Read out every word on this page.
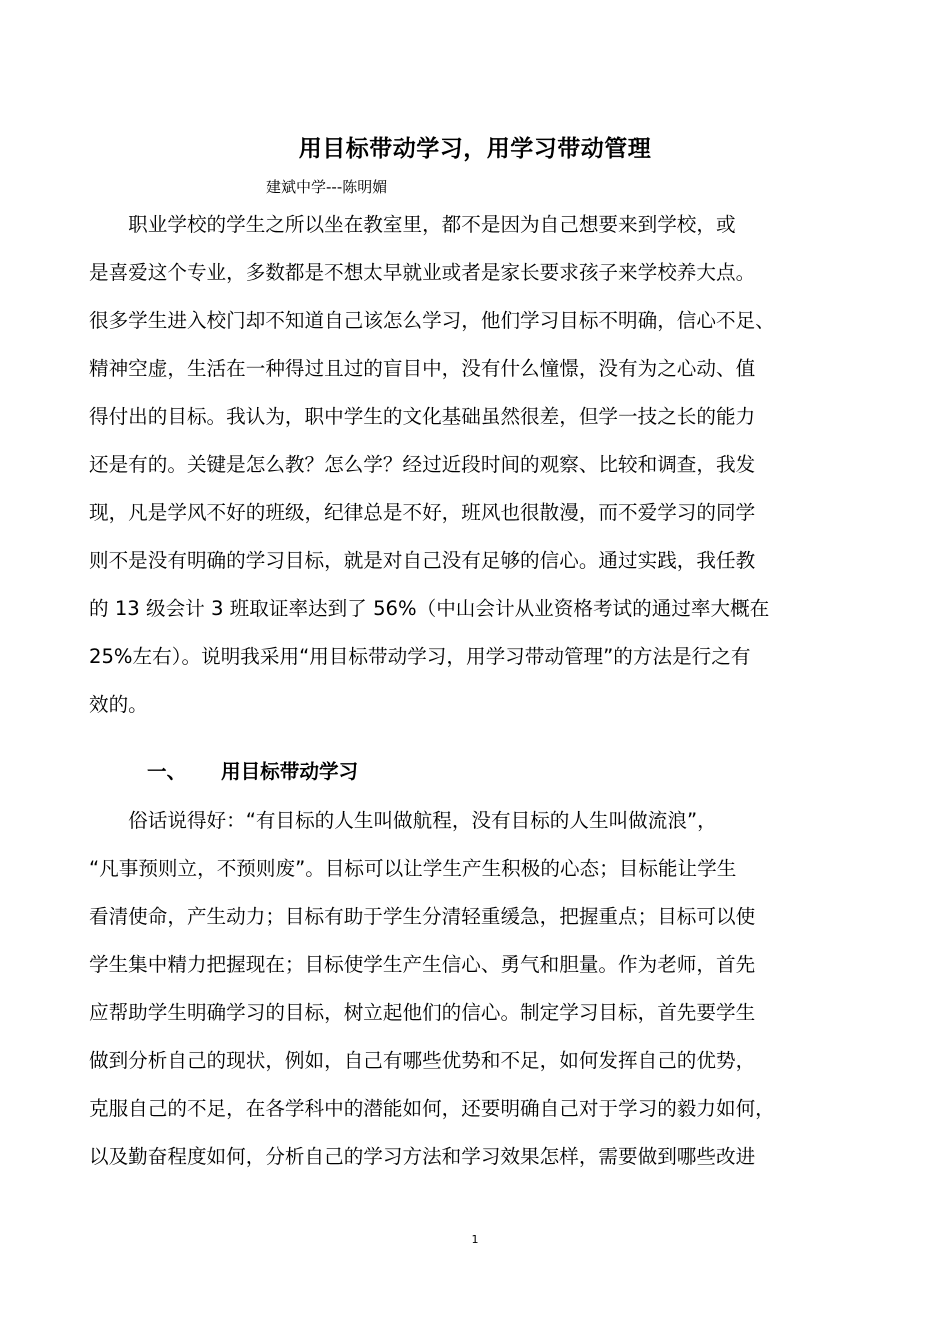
用目标带动学习，用学习带动管理
建斌中学---陈明媚

　　职业学校的学生之所以坐在教室里，都不是因为自己想要来到学校，或
是喜爱这个专业，多数都是不想太早就业或者是家长要求孩子来学校养大点。
很多学生进入校门却不知道自己该怎么学习，他们学习目标不明确，信心不足、
精神空虚，生活在一种得过且过的盲目中，没有什么憧憬，没有为之心动、值
得付出的目标。我认为，职中学生的文化基础虽然很差，但学一技之长的能力
还是有的。关键是怎么教？怎么学？经过近段时间的观察、比较和调查，我发
现，凡是学风不好的班级，纪律总是不好，班风也很散漫，而不爱学习的同学
则不是没有明确的学习目标，就是对自己没有足够的信心。通过实践，我任教
的 13 级会计 3 班取证率达到了 56%（中山会计从业资格考试的通过率大概在
25%左右）。说明我采用“用目标带动学习，用学习带动管理”的方法是行之有
效的。

一、 用目标带动学习

　　俗话说得好：“有目标的人生叫做航程，没有目标的人生叫做流浪”，
“凡事预则立，不预则废”。目标可以让学生产生积极的心态；目标能让学生
看清使命，产生动力；目标有助于学生分清轻重缓急，把握重点；目标可以使
学生集中精力把握现在；目标使学生产生信心、勇气和胆量。作为老师，首先
应帮助学生明确学习的目标，树立起他们的信心。制定学习目标，首先要学生
做到分析自己的现状，例如，自己有哪些优势和不足，如何发挥自己的优势，
克服自己的不足，在各学科中的潜能如何，还要明确自己对于学习的毅力如何，
以及勤奋程度如何，分析自己的学习方法和学习效果怎样，需要做到哪些改进

1
